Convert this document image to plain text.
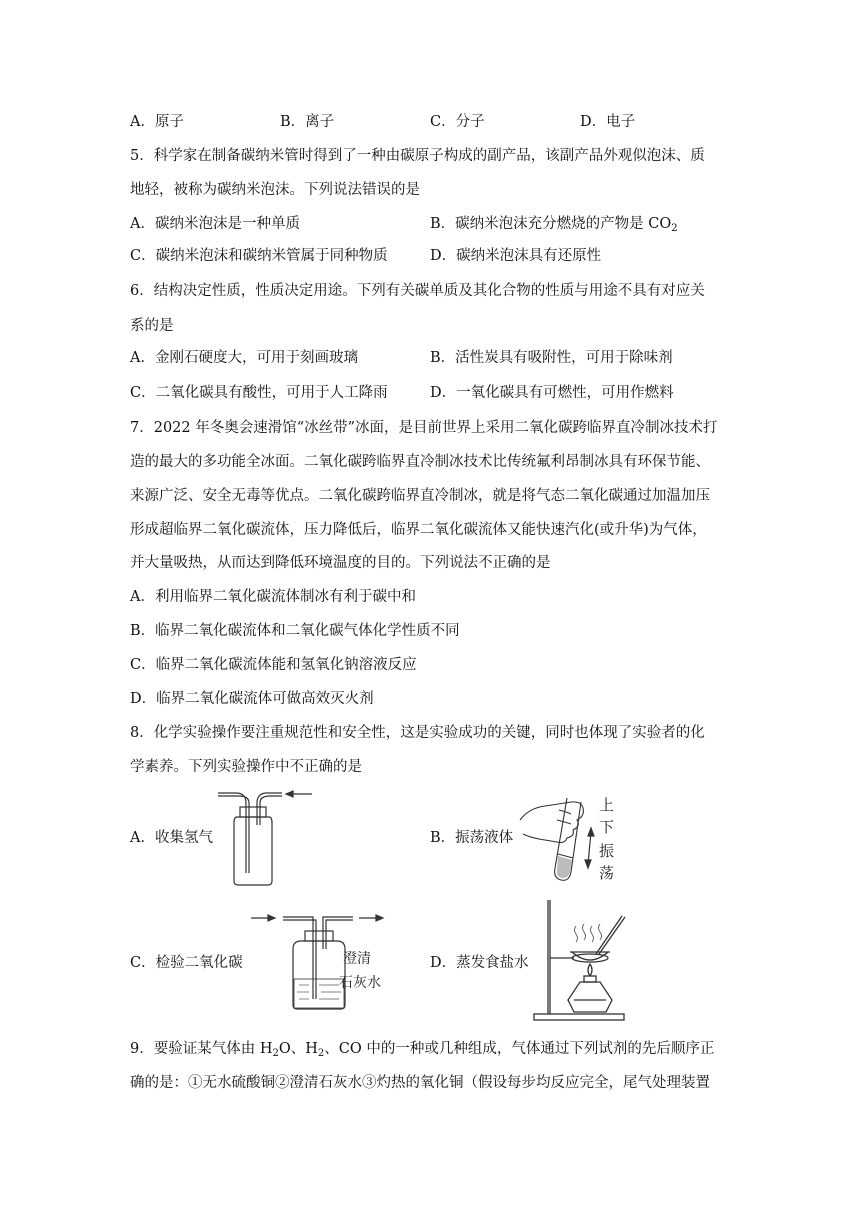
A．原子	B．离子	C．分子	D．电子
5．科学家在制备碳纳米管时得到了一种由碳原子构成的副产品，该副产品外观似泡沫、质
地轻，被称为碳纳米泡沫。下列说法错误的是
A．碳纳米泡沫是一种单质	B．碳纳米泡沫充分燃烧的产物是 $CO_2$
C．碳纳米泡沫和碳纳米管属于同种物质	D．碳纳米泡沫具有还原性
6．结构决定性质，性质决定用途。下列有关碳单质及其化合物的性质与用途不具有对应关
系的是
A．金刚石硬度大，可用于刻画玻璃	B．活性炭具有吸附性，可用于除味剂
C．二氧化碳具有酸性，可用于人工降雨	D．一氧化碳具有可燃性，可用作燃料
7．2022 年冬奥会速滑馆“冰丝带”冰面，是目前世界上采用二氧化碳跨临界直冷制冰技术打
造的最大的多功能全冰面。二氧化碳跨临界直冷制冰技术比传统氟利昂制冰具有环保节能、
来源广泛、安全无毒等优点。二氧化碳跨临界直冷制冰，就是将气态二氧化碳通过加温加压
形成超临界二氧化碳流体，压力降低后，临界二氧化碳流体又能快速汽化(或升华)为气体，
并大量吸热，从而达到降低环境温度的目的。下列说法不正确的是
A．利用临界二氧化碳流体制冰有利于碳中和
B．临界二氧化碳流体和二氧化碳气体化学性质不同
C．临界二氧化碳流体能和氢氧化钠溶液反应
D．临界二氧化碳流体可做高效灭火剂
8．化学实验操作要注重规范性和安全性，这是实验成功的关键，同时也体现了实验者的化
学素养。下列实验操作中不正确的是
A．收集氢气	B．振荡液体
C．检验二氧化碳	D．蒸发食盐水
上
下
振
荡
澄清
石灰水
9．要验证某气体由 $H_2O$、$H_2$、CO 中的一种或几种组成，气体通过下列试剂的先后顺序正
确的是：①无水硫酸铜②澄清石灰水③灼热的氧化铜（假设每步均反应完全，尾气处理装置
